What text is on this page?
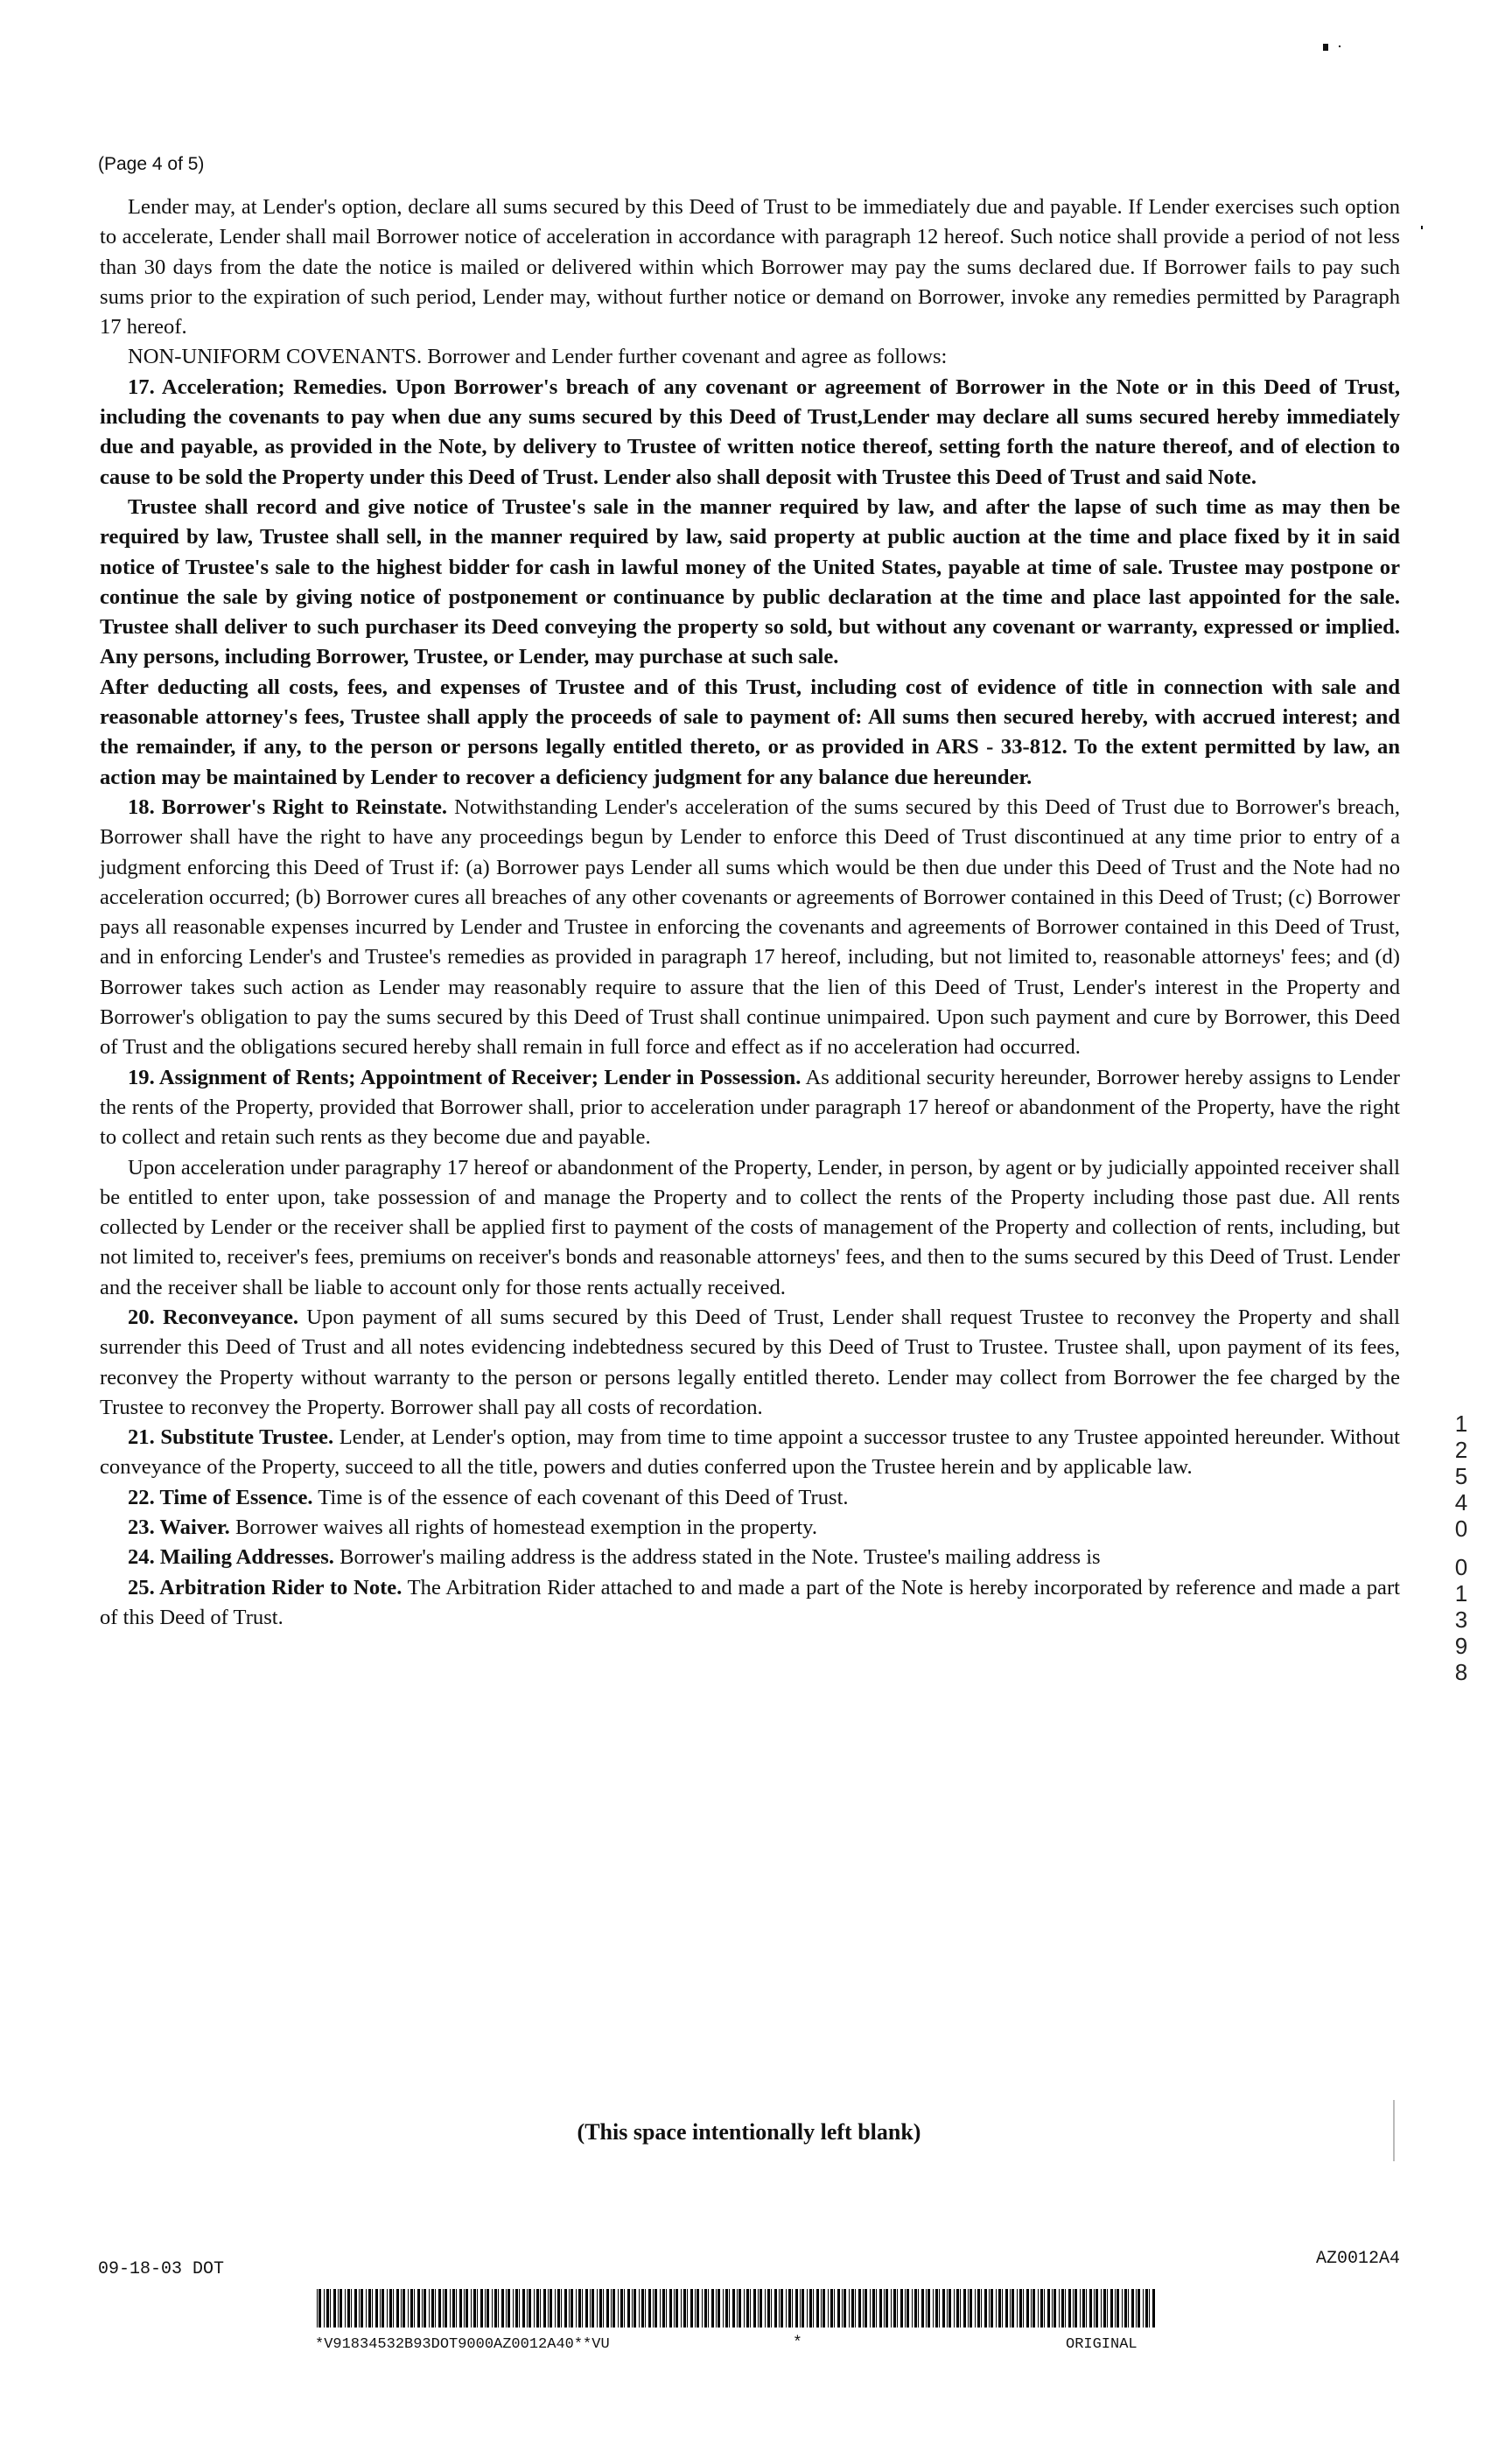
(Page 4 of 5)

Lender may, at Lender's option, declare all sums secured by this Deed of Trust to be immediately due and payable. If Lender exercises such option to accelerate, Lender shall mail Borrower notice of acceleration in accordance with paragraph 12 hereof. Such notice shall provide a period of not less than 30 days from the date the notice is mailed or delivered within which Borrower may pay the sums declared due. If Borrower fails to pay such sums prior to the expiration of such period, Lender may, without further notice or demand on Borrower, invoke any remedies permitted by Paragraph 17 hereof.

NON-UNIFORM COVENANTS. Borrower and Lender further covenant and agree as follows:

17. Acceleration; Remedies. Upon Borrower's breach of any covenant or agreement of Borrower in the Note or in this Deed of Trust, including the covenants to pay when due any sums secured by this Deed of Trust,Lender may declare all sums secured hereby immediately due and payable, as provided in the Note, by delivery to Trustee of written notice thereof, setting forth the nature thereof, and of election to cause to be sold the Property under this Deed of Trust. Lender also shall deposit with Trustee this Deed of Trust and said Note.

Trustee shall record and give notice of Trustee's sale in the manner required by law, and after the lapse of such time as may then be required by law, Trustee shall sell, in the manner required by law, said property at public auction at the time and place fixed by it in said notice of Trustee's sale to the highest bidder for cash in lawful money of the United States, payable at time of sale. Trustee may postpone or continue the sale by giving notice of postponement or continuance by public declaration at the time and place last appointed for the sale. Trustee shall deliver to such purchaser its Deed conveying the property so sold, but without any covenant or warranty, expressed or implied. Any persons, including Borrower, Trustee, or Lender, may purchase at such sale.

After deducting all costs, fees, and expenses of Trustee and of this Trust, including cost of evidence of title in connection with sale and reasonable attorney's fees, Trustee shall apply the proceeds of sale to payment of: All sums then secured hereby, with accrued interest; and the remainder, if any, to the person or persons legally entitled thereto, or as provided in ARS - 33-812. To the extent permitted by law, an action may be maintained by Lender to recover a deficiency judgment for any balance due hereunder.

18. Borrower's Right to Reinstate. Notwithstanding Lender's acceleration of the sums secured by this Deed of Trust due to Borrower's breach, Borrower shall have the right to have any proceedings begun by Lender to enforce this Deed of Trust discontinued at any time prior to entry of a judgment enforcing this Deed of Trust if: (a) Borrower pays Lender all sums which would be then due under this Deed of Trust and the Note had no acceleration occurred; (b) Borrower cures all breaches of any other covenants or agreements of Borrower contained in this Deed of Trust; (c) Borrower pays all reasonable expenses incurred by Lender and Trustee in enforcing the covenants and agreements of Borrower contained in this Deed of Trust, and in enforcing Lender's and Trustee's remedies as provided in paragraph 17 hereof, including, but not limited to, reasonable attorneys' fees; and (d) Borrower takes such action as Lender may reasonably require to assure that the lien of this Deed of Trust, Lender's interest in the Property and Borrower's obligation to pay the sums secured by this Deed of Trust shall continue unimpaired. Upon such payment and cure by Borrower, this Deed of Trust and the obligations secured hereby shall remain in full force and effect as if no acceleration had occurred.

19. Assignment of Rents; Appointment of Receiver; Lender in Possession. As additional security hereunder, Borrower hereby assigns to Lender the rents of the Property, provided that Borrower shall, prior to acceleration under paragraph 17 hereof or abandonment of the Property, have the right to collect and retain such rents as they become due and payable.

Upon acceleration under paragraphy 17 hereof or abandonment of the Property, Lender, in person, by agent or by judicially appointed receiver shall be entitled to enter upon, take possession of and manage the Property and to collect the rents of the Property including those past due. All rents collected by Lender or the receiver shall be applied first to payment of the costs of management of the Property and collection of rents, including, but not limited to, receiver's fees, premiums on receiver's bonds and reasonable attorneys' fees, and then to the sums secured by this Deed of Trust. Lender and the receiver shall be liable to account only for those rents actually received.

20. Reconveyance. Upon payment of all sums secured by this Deed of Trust, Lender shall request Trustee to reconvey the Property and shall surrender this Deed of Trust and all notes evidencing indebtedness secured by this Deed of Trust to Trustee. Trustee shall, upon payment of its fees, reconvey the Property without warranty to the person or persons legally entitled thereto. Lender may collect from Borrower the fee charged by the Trustee to reconvey the Property. Borrower shall pay all costs of recordation.

21. Substitute Trustee. Lender, at Lender's option, may from time to time appoint a successor trustee to any Trustee appointed hereunder. Without conveyance of the Property, succeed to all the title, powers and duties conferred upon the Trustee herein and by applicable law.

22. Time of Essence. Time is of the essence of each covenant of this Deed of Trust.

23. Waiver. Borrower waives all rights of homestead exemption in the property.

24. Mailing Addresses. Borrower's mailing address is the address stated in the Note. Trustee's mailing address is

25. Arbitration Rider to Note. The Arbitration Rider attached to and made a part of the Note is hereby incorporated by reference and made a part of this Deed of Trust.

(This space intentionally left blank)
09-18-03 DOT
AZ0012A4
*V91834532B93DOT9000AZ0012A40**VU	*	ORIGINAL
1
2
5
4
0
0
1
3
9
8
